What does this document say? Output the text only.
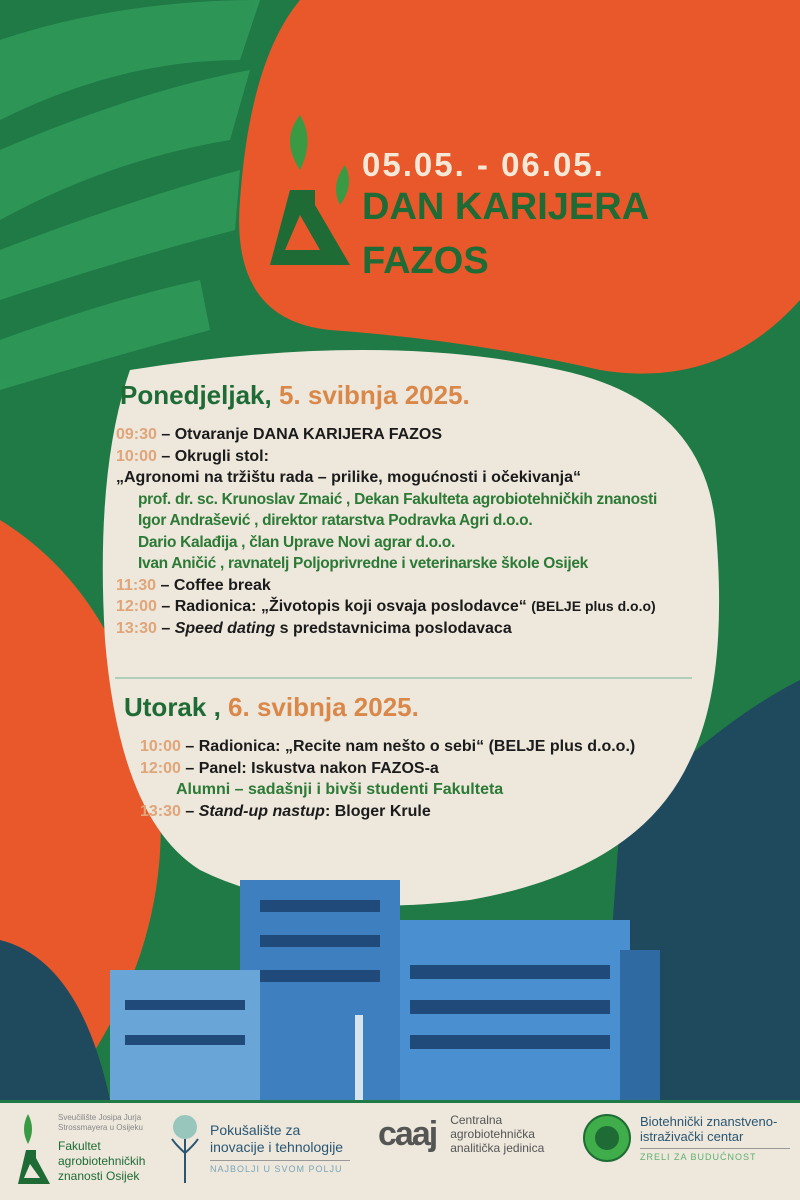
05.05. - 06.05.
DAN KARIJERA
FAZOS
Ponedjeljak, 5. svibnja 2025.
09:30 – Otvaranje DANA KARIJERA FAZOS
10:00 – Okrugli stol:
„Agronomi na tržištu rada – prilike, mogućnosti i očekivanja“
prof. dr. sc. Krunoslav Zmaić , Dekan Fakulteta agrobiotehničkih znanosti
Igor Andrašević , direktor ratarstva Podravka Agri d.o.o.
Dario Kalađija , član Uprave Novi agrar d.o.o.
Ivan Aničić , ravnatelj Poljoprivredne i veterinarske škole Osijek
11:30 – Coffee break
12:00 – Radionica: „Životopis koji osvaja poslodavce“ (BELJE plus d.o.o)
13:30 – Speed dating s predstavnicima poslodavaca
Utorak , 6. svibnja 2025.
10:00 – Radionica: „Recite nam nešto o sebi“ (BELJE plus d.o.o.)
12:00 – Panel: Iskustva nakon FAZOS-a
Alumni – sadašnji i bivši studenti Fakulteta
13:30 – Stand-up nastup: Bloger Krule
Sveučilište Josipa Jurja Strossmayera u Osijeku
Fakultet agrobiotehničkih znanosti Osijek
Pokušalište za inovacije i tehnologije
NAJBOLJI U SVOM POLJU
caaj Centralna agrobiotehnička analitička jedinica
Biotehnički znanstveno-istraživački centar
ZRELI ZA BUDUĆNOST
